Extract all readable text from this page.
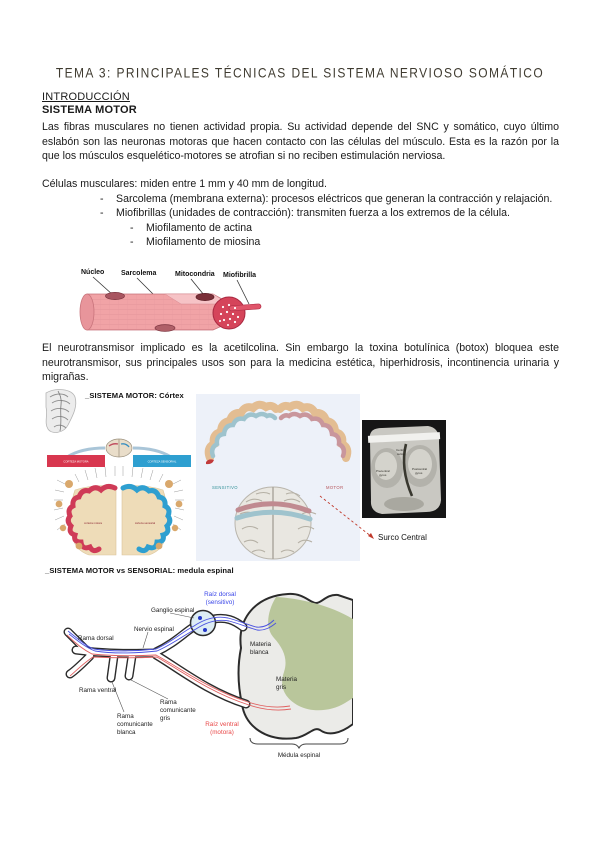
TEMA 3: PRINCIPALES TÉCNICAS DEL SISTEMA NERVIOSO SOMÁTICO
INTRODUCCIÓN
SISTEMA MOTOR
Las fibras musculares no tienen actividad propia. Su actividad depende del SNC y somático, cuyo último eslabón son las neuronas motoras que hacen contacto con las células del músculo. Esta es la razón por la que los músculos esquelético-motores se atrofian si no reciben estimulación nerviosa.
Células musculares: miden entre 1 mm y 40 mm de longitud.
-	Sarcolema (membrana externa): procesos eléctricos que generan la contracción y relajación.
-	Miofibrillas (unidades de contracción): transmiten fuerza a los extremos de la célula.
-	Miofilamento de actina
-	Miofilamento de miosina
Núcleo Sarcolema	Mitocondria Miofibrilla
El neurotransmisor implicado es la acetilcolina. Sin embargo la toxina botulínica (botox) bloquea este neurotransmisor, sus principales usos son para la medicina estética, hiperhidrosis, incontinencia urinaria y migrañas.
_SISTEMA MOTOR: Córtex
CORTEZA MOTORA	CORTEZA SENSORIAL
corteza motora	corteza sensorial
SENSITIVO	MOTOR
Central
sulcus
Precentral
gyrus
Postcentral
gyrus
Surco Central
_SISTEMA MOTOR vs SENSORIAL: medula espinal
Raíz dorsal
(sensitivo)
Ganglio espinal
Nervio espinal
Rama dorsal
Rama ventral
Rama
comunicante
blanca
Rama
comunicante
gris
Raíz ventral
(motora)
Materia
blanca
Materia
gris
Médula espinal
